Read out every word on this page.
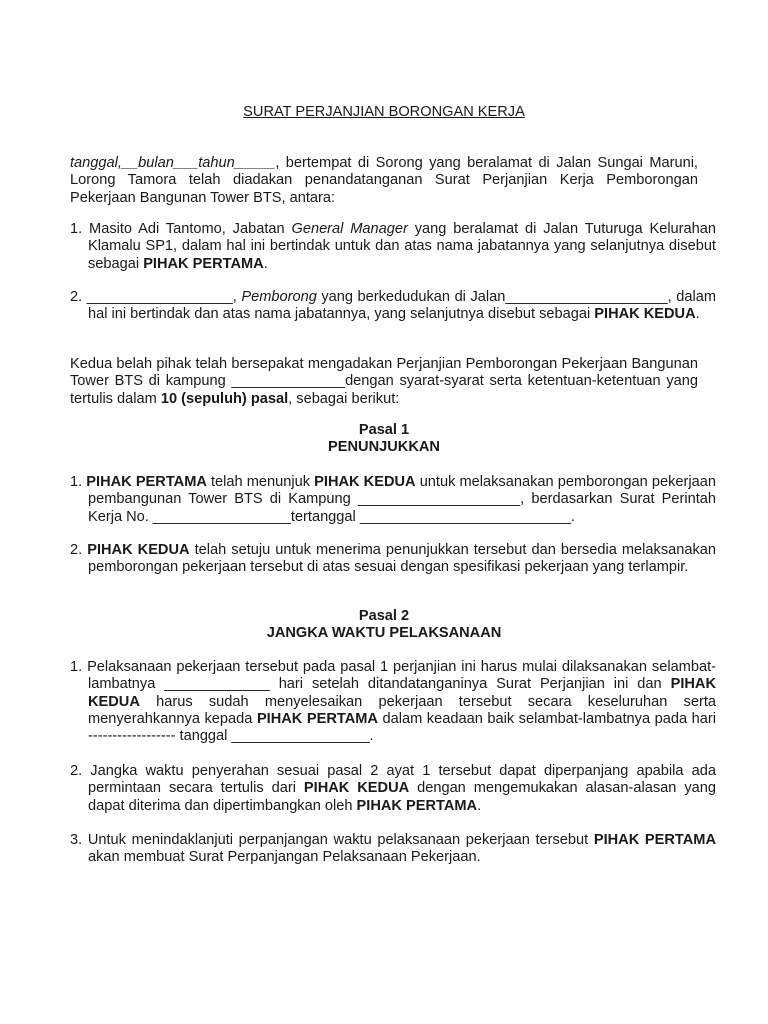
SURAT PERJANJIAN BORONGAN KERJA

tanggal,__bulan___tahun_____, bertempat di Sorong yang beralamat di Jalan Sungai Maruni, Lorong Tamora telah diadakan penandatanganan Surat Perjanjian Kerja Pemborongan Pekerjaan Bangunan Tower BTS, antara:

1. Masito Adi Tantomo, Jabatan General Manager yang beralamat di Jalan Tuturuga Kelurahan Klamalu SP1, dalam hal ini bertindak untuk dan atas nama jabatannya yang selanjutnya disebut sebagai PIHAK PERTAMA.

2. __________________, Pemborong yang berkedudukan di Jalan____________________, dalam hal ini bertindak dan atas nama jabatannya, yang selanjutnya disebut sebagai PIHAK KEDUA.

Kedua belah pihak telah bersepakat mengadakan Perjanjian Pemborongan Pekerjaan Bangunan Tower BTS di kampung ______________dengan syarat-syarat serta ketentuan-ketentuan yang tertulis dalam 10 (sepuluh) pasal, sebagai berikut:

Pasal 1
PENUNJUKKAN

1. PIHAK PERTAMA telah menunjuk PIHAK KEDUA untuk melaksanakan pemborongan pekerjaan pembangunan Tower BTS di Kampung ____________________, berdasarkan Surat Perintah Kerja No. _________________tertanggal __________________________.

2. PIHAK KEDUA telah setuju untuk menerima penunjukkan tersebut dan bersedia melaksanakan pemborongan pekerjaan tersebut di atas sesuai dengan spesifikasi pekerjaan yang terlampir.

Pasal 2
JANGKA WAKTU PELAKSANAAN

1. Pelaksanaan pekerjaan tersebut pada pasal 1 perjanjian ini harus mulai dilaksanakan selambat-lambatnya _____________ hari setelah ditandatanganinya Surat Perjanjian ini dan PIHAK KEDUA harus sudah menyelesaikan pekerjaan tersebut secara keseluruhan serta menyerahkannya kepada PIHAK PERTAMA dalam keadaan baik selambat-lambatnya pada hari ------------------ tanggal _________________.

2. Jangka waktu penyerahan sesuai pasal 2 ayat 1 tersebut dapat diperpanjang apabila ada permintaan secara tertulis dari PIHAK KEDUA dengan mengemukakan alasan-alasan yang dapat diterima dan dipertimbangkan oleh PIHAK PERTAMA.

3. Untuk menindaklanjuti perpanjangan waktu pelaksanaan pekerjaan tersebut PIHAK PERTAMA akan membuat Surat Perpanjangan Pelaksanaan Pekerjaan.
